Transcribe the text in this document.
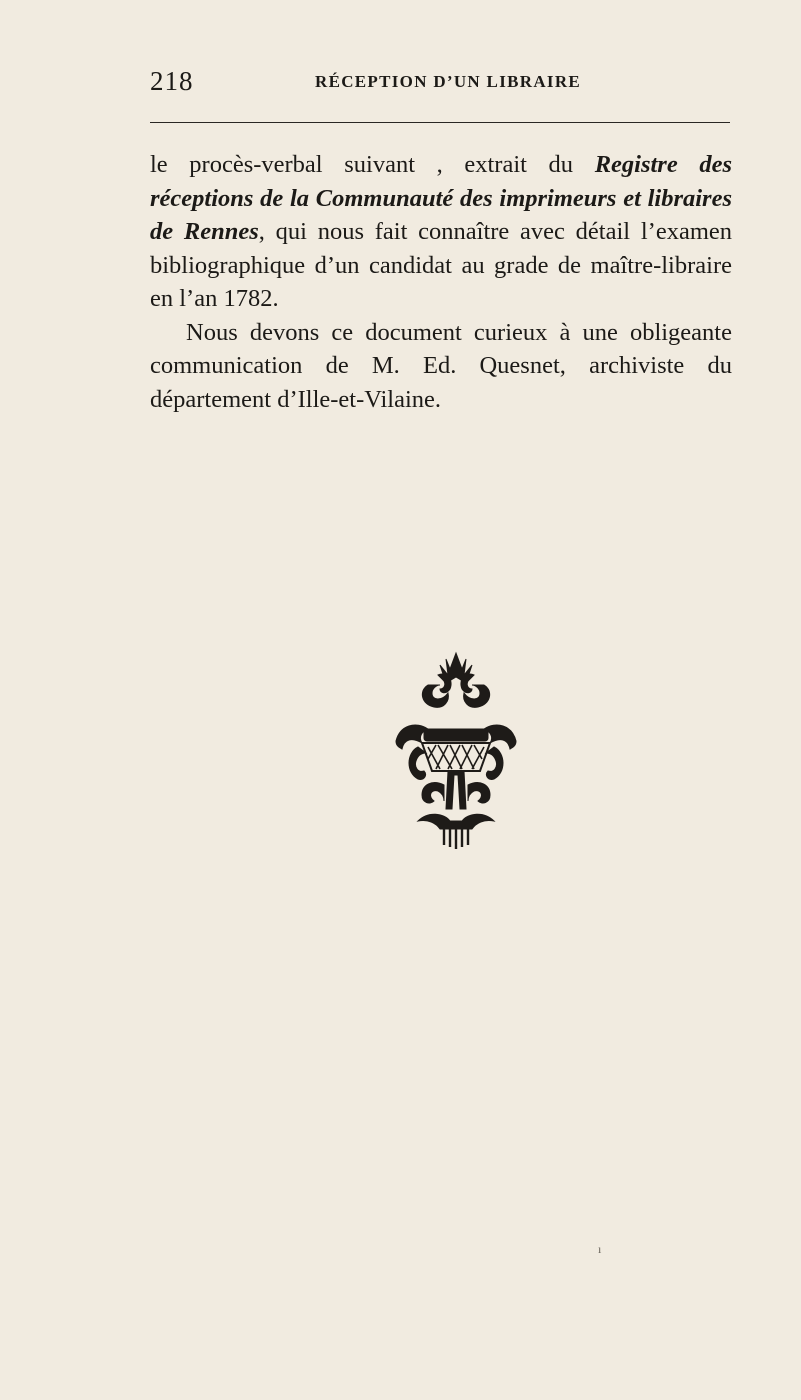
218	RÉCEPTION D’UN LIBRAIRE

le procès-verbal suivant , extrait du Registre des réceptions de la Communauté des imprimeurs et libraires de Rennes, qui nous fait connaître avec détail l’examen bibliographique d’un candidat au grade de maître-libraire en l’an 1782.

Nous devons ce document curieux à une obligeante communication de M. Ed. Quesnet, archiviste du département d’Ille-et-Vilaine.

ı
